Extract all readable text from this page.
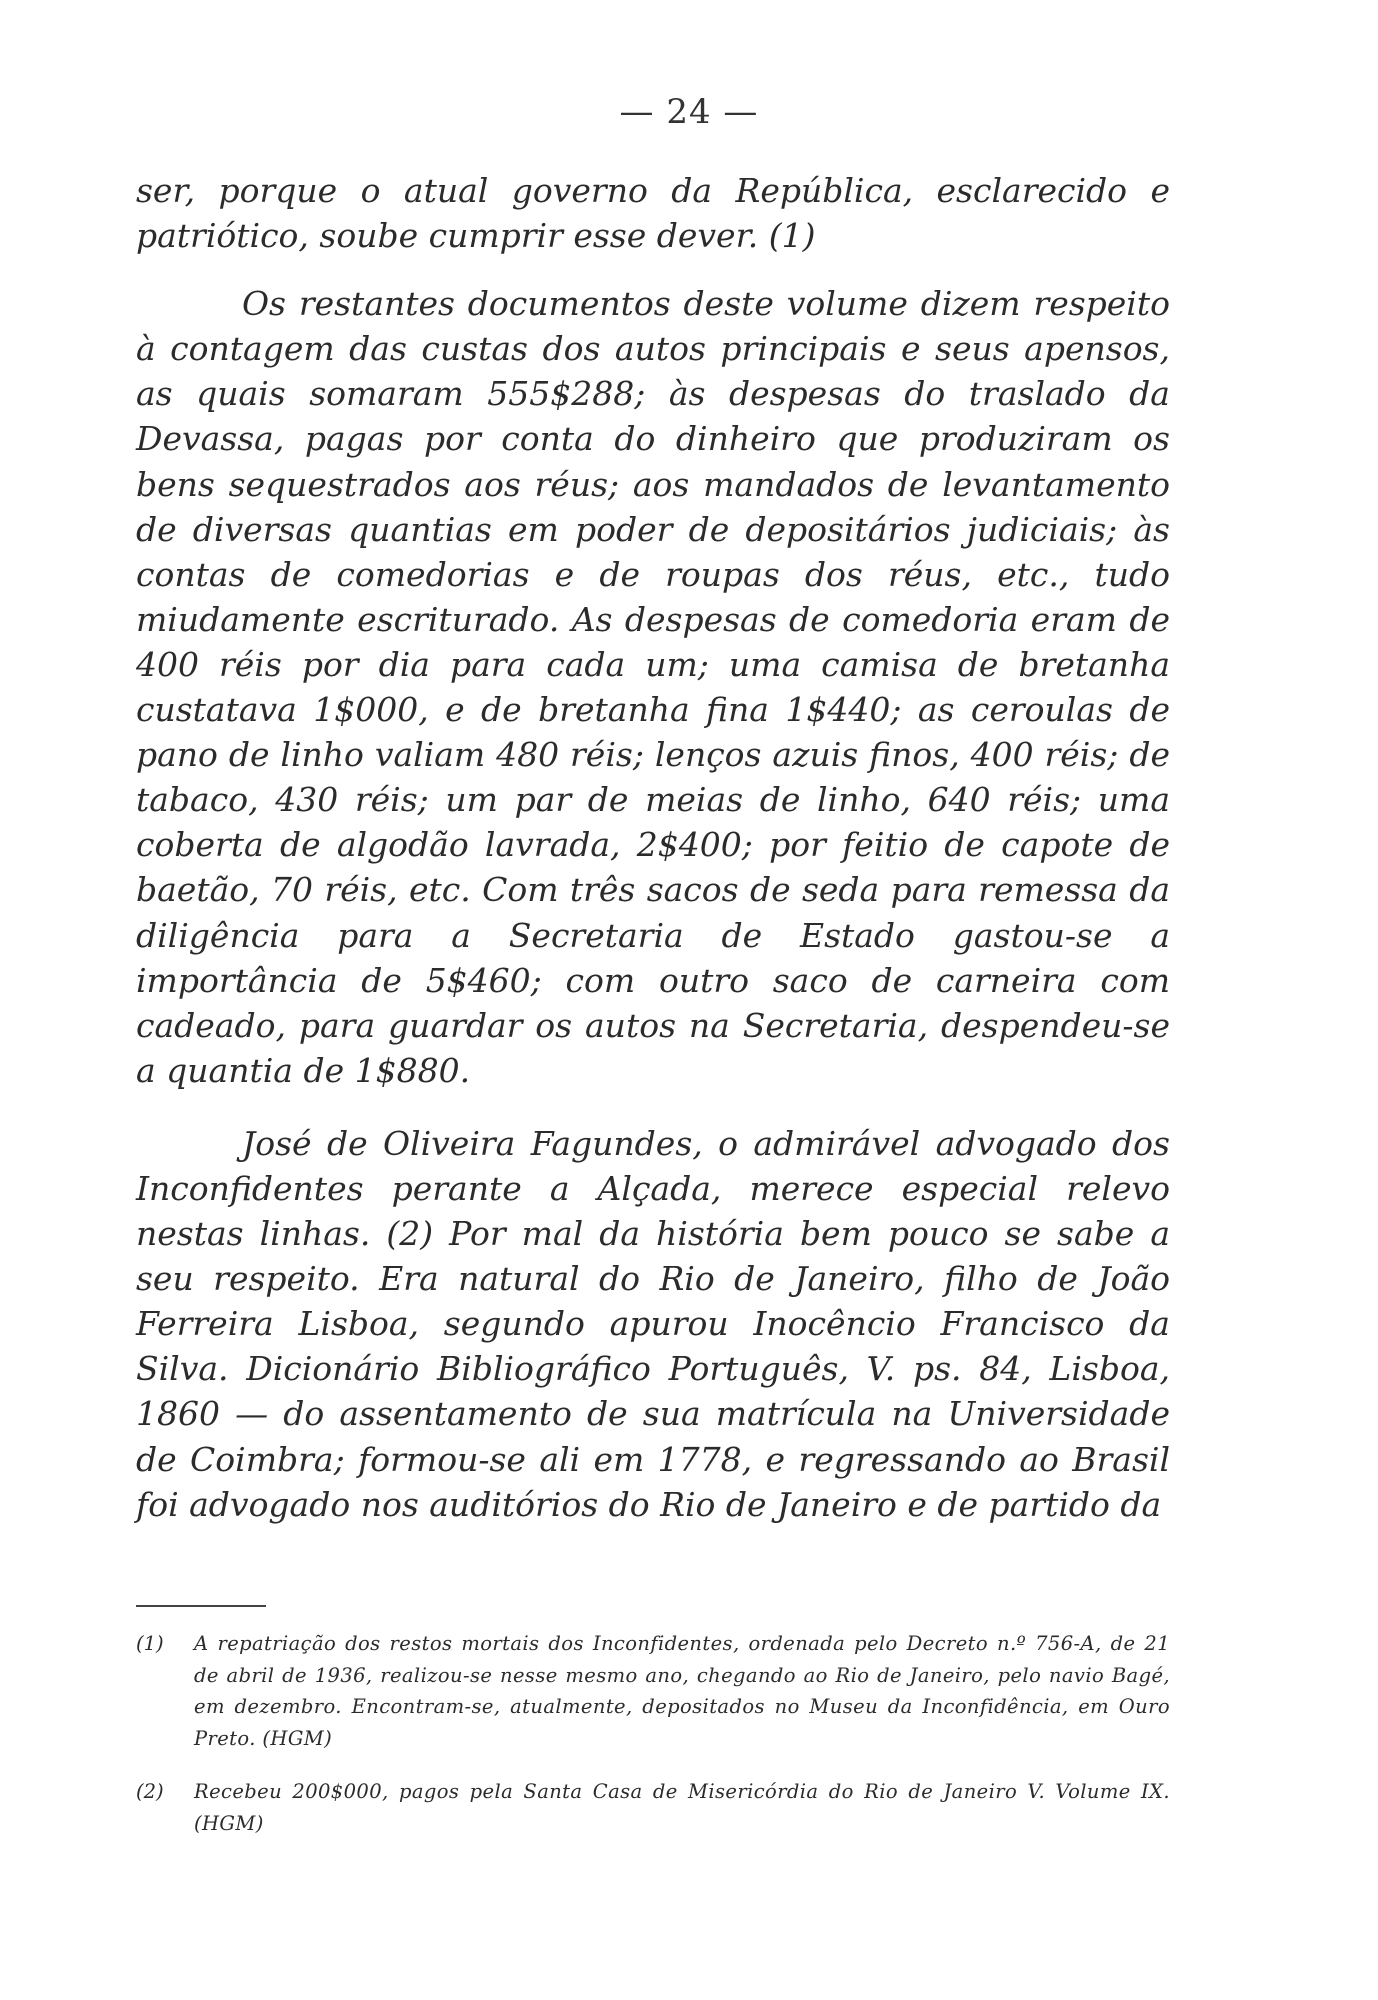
— 24 —

ser, porque o atual governo da República, esclarecido e patriótico, soube cumprir esse dever. (1)

Os restantes documentos deste volume dizem respeito à contagem das custas dos autos principais e seus apensos, as quais somaram 555$288; às despesas do traslado da Devassa, pagas por conta do dinheiro que produziram os bens sequestrados aos réus; aos mandados de levantamento de diversas quantias em poder de depositários judiciais; às contas de comedorias e de roupas dos réus, etc., tudo miudamente escriturado. As despesas de comedoria eram de 400 réis por dia para cada um; uma camisa de bretanha custatava 1$000, e de bretanha fina 1$440; as ceroulas de pano de linho valiam 480 réis; lenços azuis finos, 400 réis; de tabaco, 430 réis; um par de meias de linho, 640 réis; uma coberta de algodão lavrada, 2$400; por feitio de capote de baetão, 70 réis, etc. Com três sacos de seda para remessa da diligência para a Secretaria de Estado gastou-se a importância de 5$460; com outro saco de carneira com cadeado, para guardar os autos na Secretaria, despendeu-se a quantia de 1$880.

José de Oliveira Fagundes, o admirável advogado dos Inconfidentes perante a Alçada, merece especial relevo nestas linhas. (2) Por mal da história bem pouco se sabe a seu respeito. Era natural do Rio de Janeiro, filho de João Ferreira Lisboa, segundo apurou Inocêncio Francisco da Silva. Dicionário Bibliográfico Português, V. ps. 84, Lisboa, 1860 — do assentamento de sua matrícula na Universidade de Coimbra; formou-se ali em 1778, e regressando ao Brasil foi advogado nos auditórios do Rio de Janeiro e de partido da

(1)	A repatriação dos restos mortais dos Inconfidentes, ordenada pelo Decreto n.º 756-A, de 21 de abril de 1936, realizou-se nesse mesmo ano, chegando ao Rio de Janeiro, pelo navio Bagé, em dezembro. Encontram-se, atualmente, depositados no Museu da Inconfidência, em Ouro Preto. (HGM)
(2)	Recebeu 200$000, pagos pela Santa Casa de Misericórdia do Rio de Janeiro V. Volume IX. (HGM)
